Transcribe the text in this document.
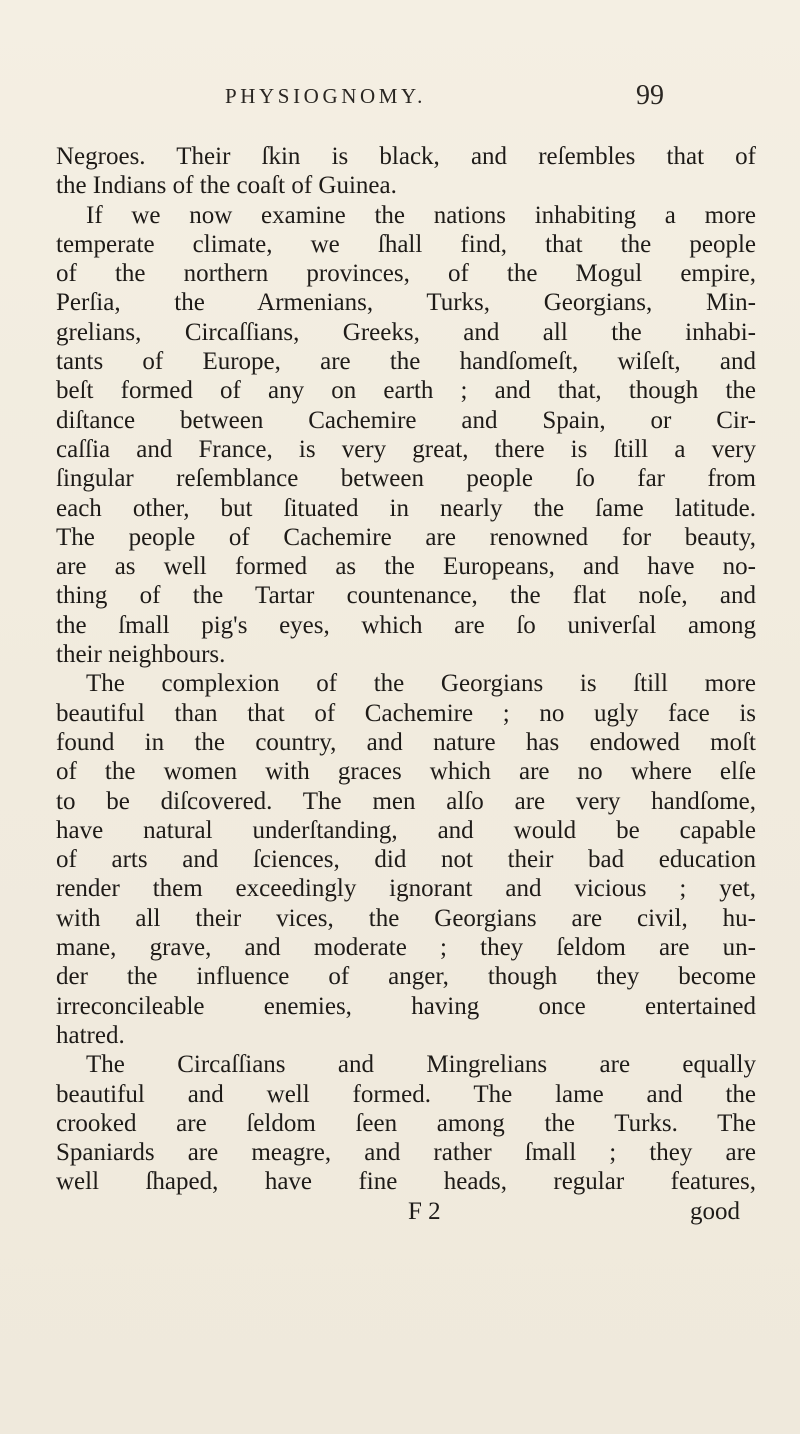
PHYSIOGNOMY.	99
Negroes. Their ſkin is black, and reſembles that of
the Indians of the coaſt of Guinea.
If we now examine the nations inhabiting a more
temperate climate, we ſhall find, that the people
of the northern provinces, of the Mogul empire,
Perſia, the Armenians, Turks, Georgians, Min-
grelians, Circaſſians, Greeks, and all the inhabi-
tants of Europe, are the handſomeſt, wiſeſt, and
beſt formed of any on earth ; and that, though the
diſtance between Cachemire and Spain, or Cir-
caſſia and France, is very great, there is ſtill a very
ſingular reſemblance between people ſo far from
each other, but ſituated in nearly the ſame latitude.
The people of Cachemire are renowned for beauty,
are as well formed as the Europeans, and have no-
thing of the Tartar countenance, the flat noſe, and
the ſmall pig's eyes, which are ſo univerſal among
their neighbours.
The complexion of the Georgians is ſtill more
beautiful than that of Cachemire ; no ugly face is
found in the country, and nature has endowed moſt
of the women with graces which are no where elſe
to be diſcovered. The men alſo are very handſome,
have natural underſtanding, and would be capable
of arts and ſciences, did not their bad education
render them exceedingly ignorant and vicious ; yet,
with all their vices, the Georgians are civil, hu-
mane, grave, and moderate ; they ſeldom are un-
der the influence of anger, though they become
irreconcileable enemies, having once entertained
hatred.
The Circaſſians and Mingrelians are equally
beautiful and well formed. The lame and the
crooked are ſeldom ſeen among the Turks. The
Spaniards are meagre, and rather ſmall ; they are
well ſhaped, have fine heads, regular features,
F 2	good
